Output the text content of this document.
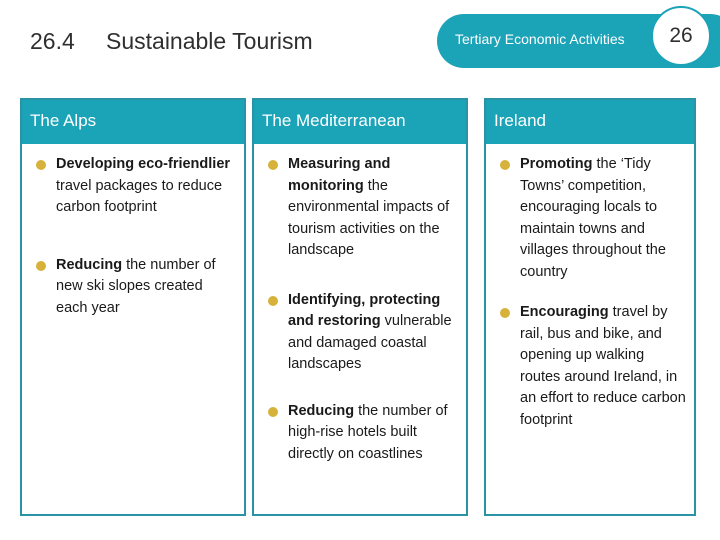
26.4 Sustainable Tourism	Tertiary Economic Activities	26
The Alps
Developing eco-friendlier travel packages to reduce carbon footprint
Reducing the number of new ski slopes created each year
The Mediterranean
Measuring and monitoring the environmental impacts of tourism activities on the landscape
Identifying, protecting and restoring vulnerable and damaged coastal landscapes
Reducing the number of high-rise hotels built directly on coastlines
Ireland
Promoting the ‘Tidy Towns’ competition, encouraging locals to maintain towns and villages throughout the country
Encouraging travel by rail, bus and bike, and opening up walking routes around Ireland, in an effort to reduce carbon footprint
